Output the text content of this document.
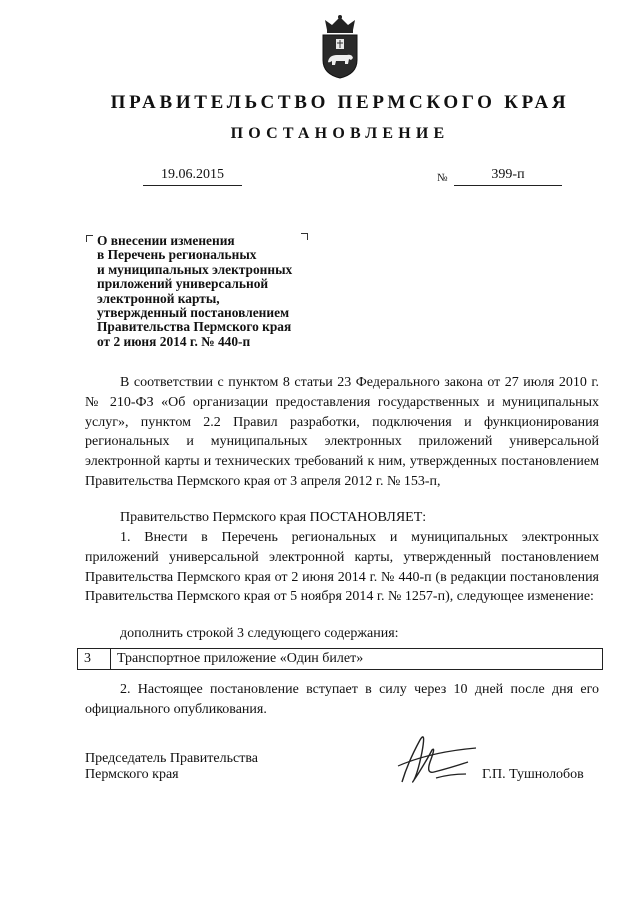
ПРАВИТЕЛЬСТВО ПЕРМСКОГО КРАЯ
ПОСТАНОВЛЕНИЕ
19.06.2015	№	399-п
О внесении изменения
в Перечень региональных
и муниципальных электронных
приложений универсальной
электронной карты,
утвержденный постановлением
Правительства Пермского края
от 2 июня 2014 г. № 440-п
В соответствии с пунктом 8 статьи 23 Федерального закона от 27 июля 2010 г. № 210-ФЗ «Об организации предоставления государственных и муниципальных услуг», пунктом 2.2 Правил разработки, подключения и функционирования региональных и муниципальных электронных приложений универсальной электронной карты и технических требований к ним, утвержденных постановлением Правительства Пермского края от 3 апреля 2012 г. № 153-п,
Правительство Пермского края ПОСТАНОВЛЯЕТ:
1. Внести в Перечень региональных и муниципальных электронных приложений универсальной электронной карты, утвержденный постановлением Правительства Пермского края от 2 июня 2014 г. № 440-п (в редакции постановления Правительства Пермского края от 5 ноября 2014 г. № 1257-п), следующее изменение:
дополнить строкой 3 следующего содержания:
3	Транспортное приложение «Один билет»
2. Настоящее постановление вступает в силу через 10 дней после дня его официального опубликования.
Председатель Правительства
Пермского края	Г.П. Тушнолобов
